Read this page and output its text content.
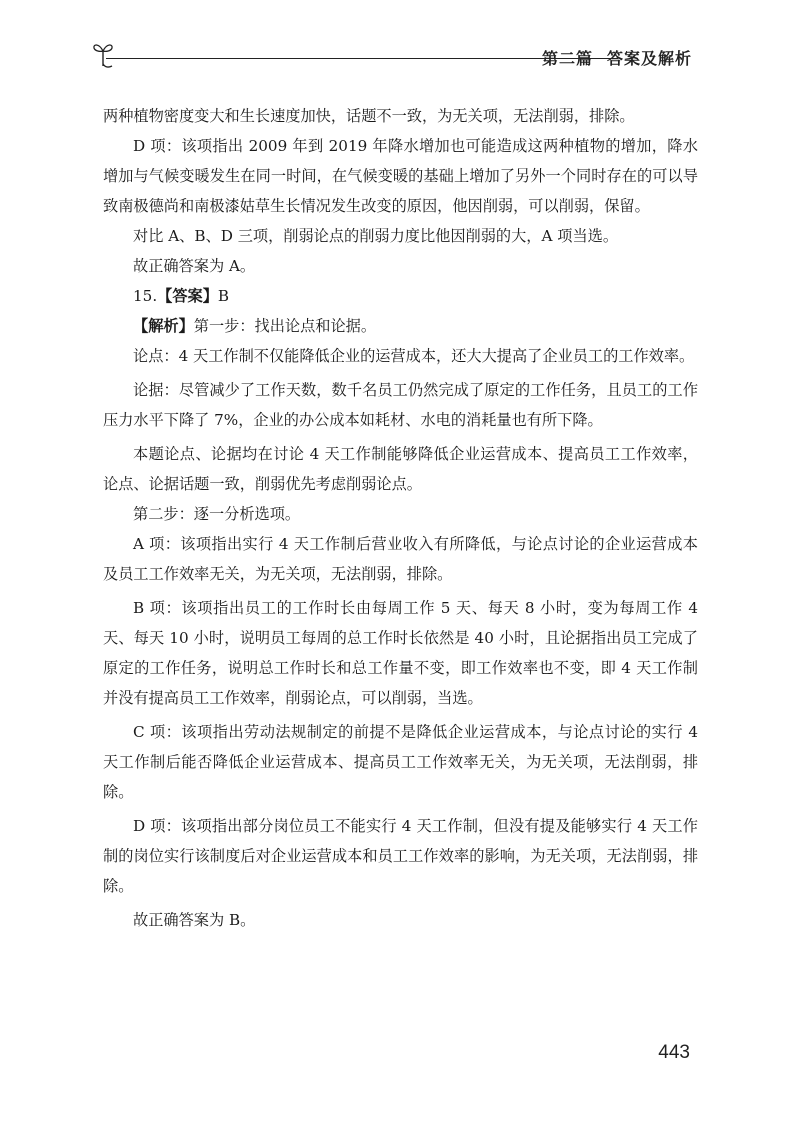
第二篇 答案及解析

两种植物密度变大和生长速度加快，话题不一致，为无关项，无法削弱，排除。

D 项：该项指出 2009 年到 2019 年降水增加也可能造成这两种植物的增加，降水增加与气候变暖发生在同一时间，在气候变暖的基础上增加了另外一个同时存在的可以导致南极德尚和南极漆姑草生长情况发生改变的原因，他因削弱，可以削弱，保留。

对比 A、B、D 三项，削弱论点的削弱力度比他因削弱的大，A 项当选。

故正确答案为 A。

15.【答案】B

【解析】第一步：找出论点和论据。

论点：4 天工作制不仅能降低企业的运营成本，还大大提高了企业员工的工作效率。

论据：尽管减少了工作天数，数千名员工仍然完成了原定的工作任务，且员工的工作压力水平下降了 7%，企业的办公成本如耗材、水电的消耗量也有所下降。

本题论点、论据均在讨论 4 天工作制能够降低企业运营成本、提高员工工作效率，论点、论据话题一致，削弱优先考虑削弱论点。

第二步：逐一分析选项。

A 项：该项指出实行 4 天工作制后营业收入有所降低，与论点讨论的企业运营成本及员工工作效率无关，为无关项，无法削弱，排除。

B 项：该项指出员工的工作时长由每周工作 5 天、每天 8 小时，变为每周工作 4 天、每天 10 小时，说明员工每周的总工作时长依然是 40 小时，且论据指出员工完成了原定的工作任务，说明总工作时长和总工作量不变，即工作效率也不变，即 4 天工作制并没有提高员工工作效率，削弱论点，可以削弱，当选。

C 项：该项指出劳动法规制定的前提不是降低企业运营成本，与论点讨论的实行 4 天工作制后能否降低企业运营成本、提高员工工作效率无关，为无关项，无法削弱，排除。

D 项：该项指出部分岗位员工不能实行 4 天工作制，但没有提及能够实行 4 天工作制的岗位实行该制度后对企业运营成本和员工工作效率的影响，为无关项，无法削弱，排除。

故正确答案为 B。

443
